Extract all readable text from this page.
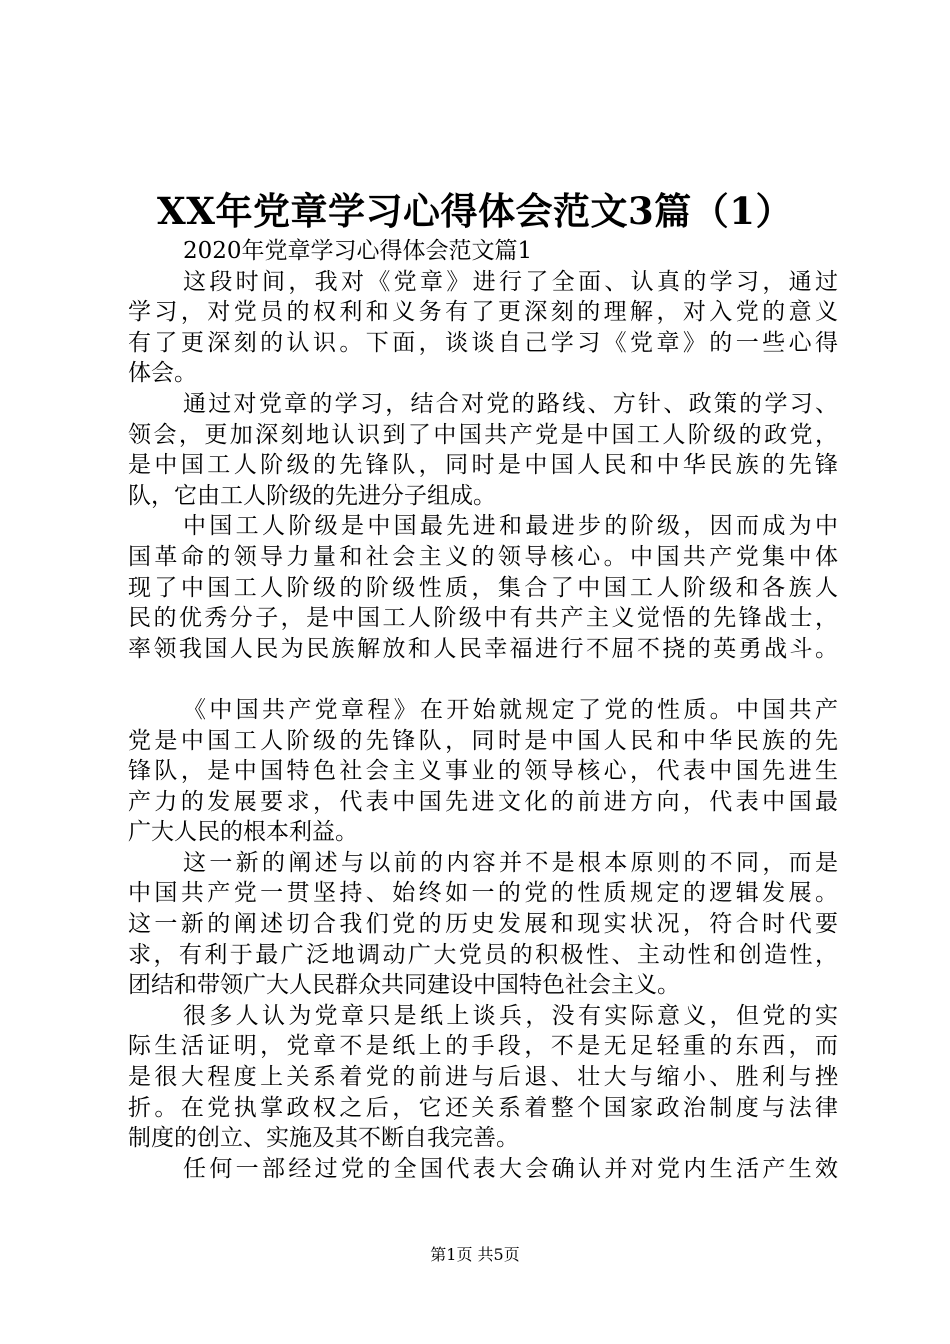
XX年党章学习心得体会范文3篇（1）
2020年党章学习心得体会范文篇1
这段时间，我对《党章》进行了全面、认真的学习，通过
学习，对党员的权利和义务有了更深刻的理解，对入党的意义
有了更深刻的认识。下面，谈谈自己学习《党章》的一些心得
体会。
通过对党章的学习，结合对党的路线、方针、政策的学习、
领会，更加深刻地认识到了中国共产党是中国工人阶级的政党，
是中国工人阶级的先锋队，同时是中国人民和中华民族的先锋
队，它由工人阶级的先进分子组成。
中国工人阶级是中国最先进和最进步的阶级，因而成为中
国革命的领导力量和社会主义的领导核心。中国共产党集中体
现了中国工人阶级的阶级性质，集合了中国工人阶级和各族人
民的优秀分子，是中国工人阶级中有共产主义觉悟的先锋战士，
率领我国人民为民族解放和人民幸福进行不屈不挠的英勇战斗。
《中国共产党章程》在开始就规定了党的性质。中国共产
党是中国工人阶级的先锋队，同时是中国人民和中华民族的先
锋队，是中国特色社会主义事业的领导核心，代表中国先进生
产力的发展要求，代表中国先进文化的前进方向，代表中国最
广大人民的根本利益。
这一新的阐述与以前的内容并不是根本原则的不同，而是
中国共产党一贯坚持、始终如一的党的性质规定的逻辑发展。
这一新的阐述切合我们党的历史发展和现实状况，符合时代要
求，有利于最广泛地调动广大党员的积极性、主动性和创造性，
团结和带领广大人民群众共同建设中国特色社会主义。
很多人认为党章只是纸上谈兵，没有实际意义，但党的实
际生活证明，党章不是纸上的手段，不是无足轻重的东西，而
是很大程度上关系着党的前进与后退、壮大与缩小、胜利与挫
折。在党执掌政权之后，它还关系着整个国家政治制度与法律
制度的创立、实施及其不断自我完善。
任何一部经过党的全国代表大会确认并对党内生活产生效
第1页 共5页
